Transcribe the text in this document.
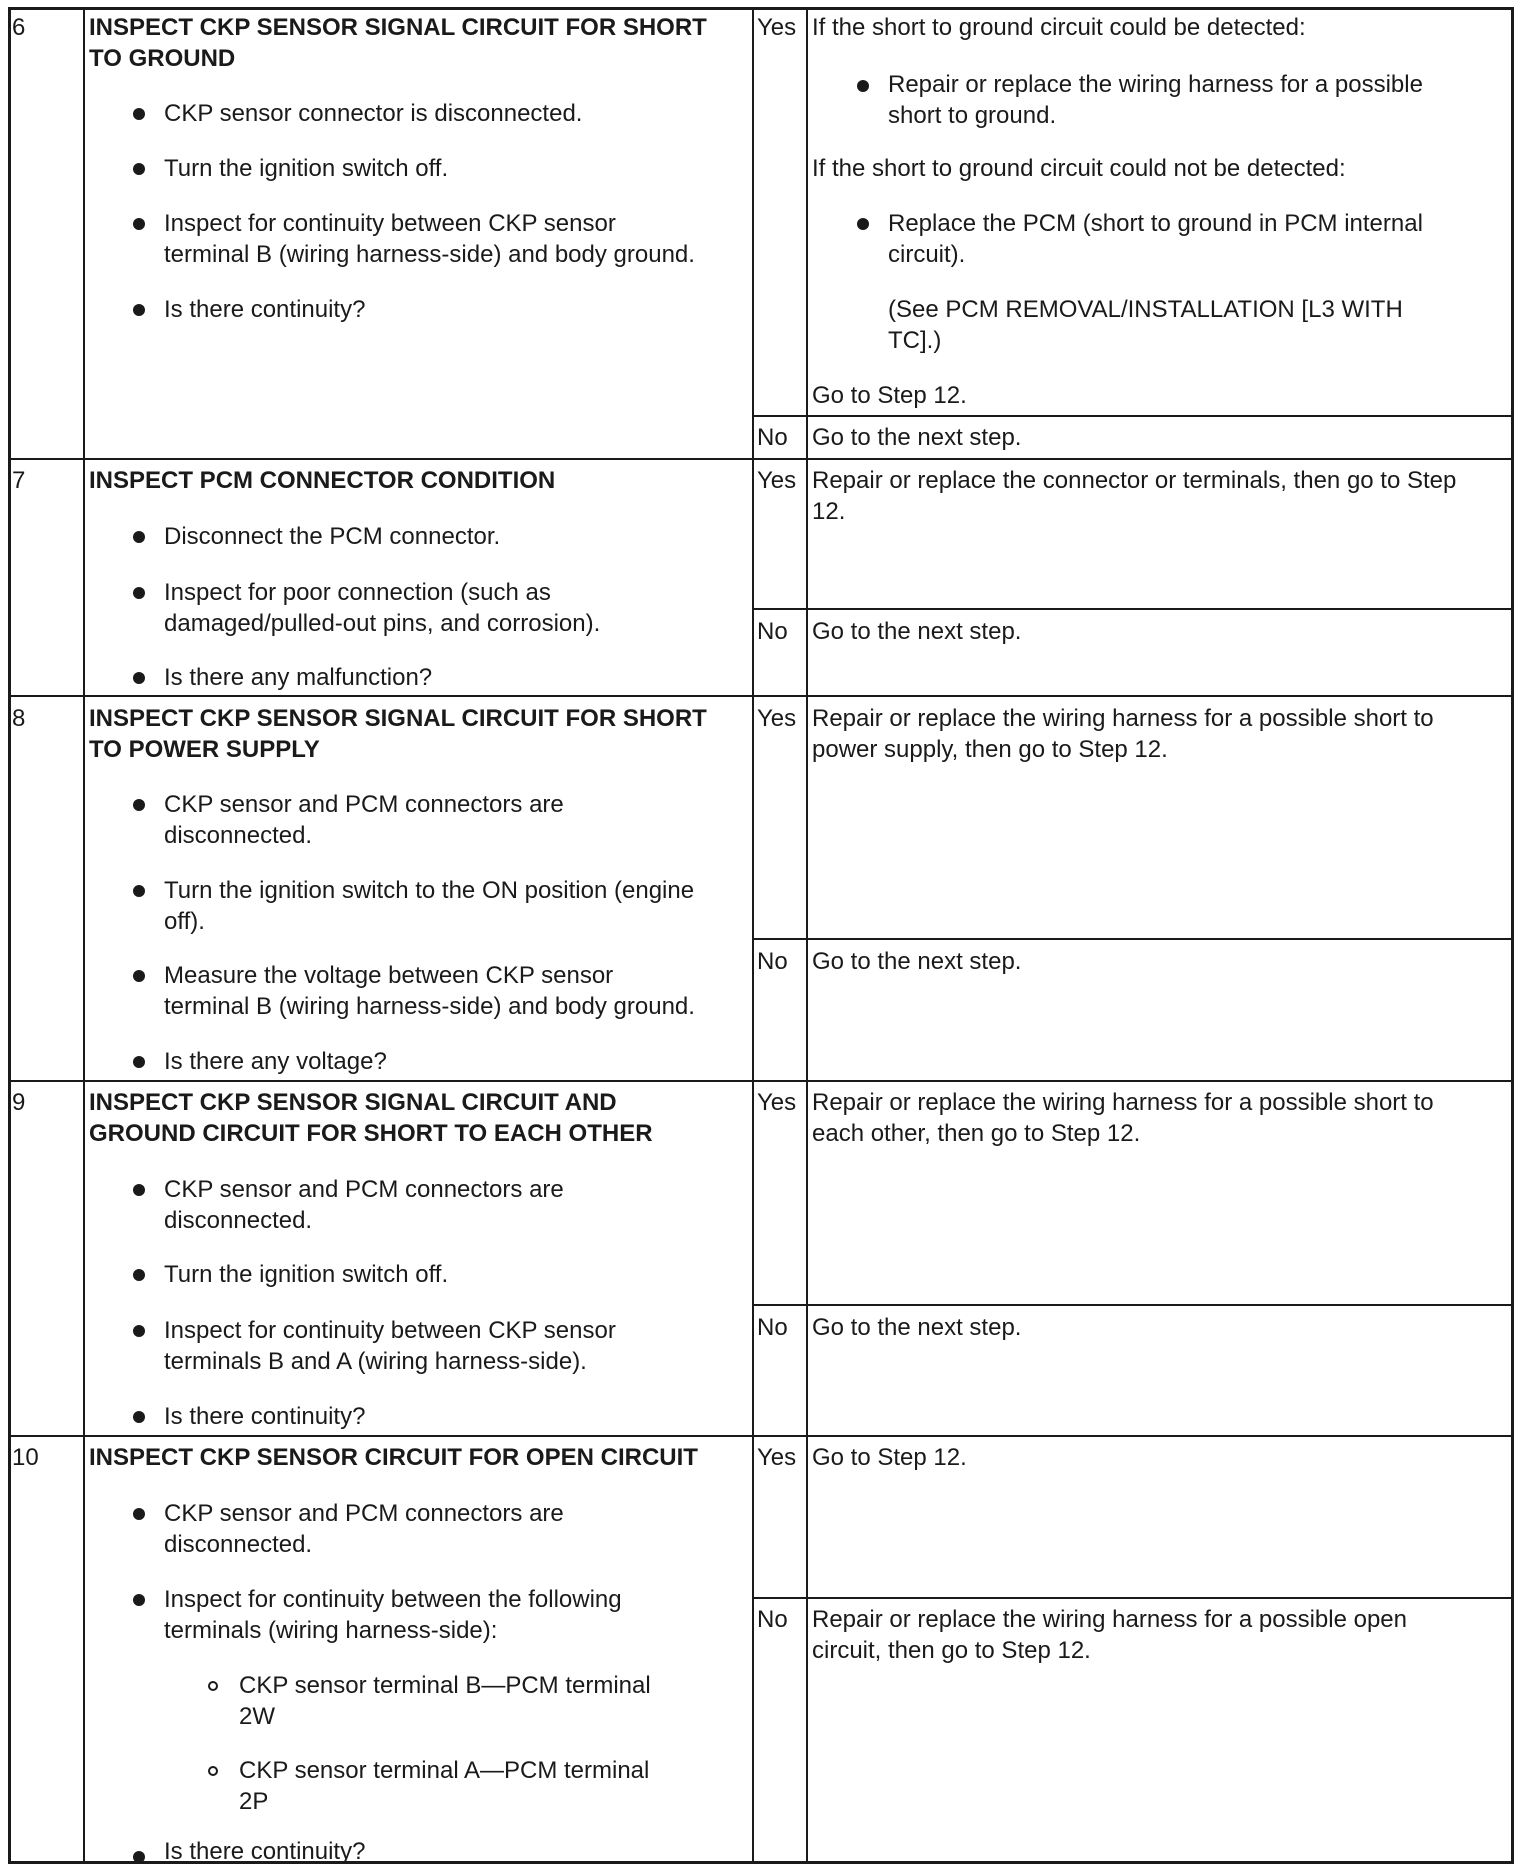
6	INSPECT CKP SENSOR SIGNAL CIRCUIT FOR SHORT
TO GROUND
CKP sensor connector is disconnected.
Turn the ignition switch off.
Inspect for continuity between CKP sensor
terminal B (wiring harness-side) and body ground.
Is there continuity?
Yes If the short to ground circuit could be detected:
Repair or replace the wiring harness for a possible
short to ground.
If the short to ground circuit could not be detected:
Replace the PCM (short to ground in PCM internal
circuit).
(See PCM REMOVAL/INSTALLATION [L3 WITH
TC].)
Go to Step 12.
No Go to the next step.
7	INSPECT PCM CONNECTOR CONDITION
Disconnect the PCM connector.
Inspect for poor connection (such as
damaged/pulled-out pins, and corrosion).
Is there any malfunction?
Yes Repair or replace the connector or terminals, then go to Step
12.
No Go to the next step.
8	INSPECT CKP SENSOR SIGNAL CIRCUIT FOR SHORT
TO POWER SUPPLY
CKP sensor and PCM connectors are
disconnected.
Turn the ignition switch to the ON position (engine
off).
Measure the voltage between CKP sensor
terminal B (wiring harness-side) and body ground.
Is there any voltage?
Yes Repair or replace the wiring harness for a possible short to
power supply, then go to Step 12.
No Go to the next step.
9	INSPECT CKP SENSOR SIGNAL CIRCUIT AND
GROUND CIRCUIT FOR SHORT TO EACH OTHER
CKP sensor and PCM connectors are
disconnected.
Turn the ignition switch off.
Inspect for continuity between CKP sensor
terminals B and A (wiring harness-side).
Is there continuity?
Yes Repair or replace the wiring harness for a possible short to
each other, then go to Step 12.
No Go to the next step.
10 INSPECT CKP SENSOR CIRCUIT FOR OPEN CIRCUIT
CKP sensor and PCM connectors are
disconnected.
Inspect for continuity between the following
terminals (wiring harness-side):
CKP sensor terminal B—PCM terminal
2W
CKP sensor terminal A—PCM terminal
2P
Is there continuity?
Yes Go to Step 12.
No Repair or replace the wiring harness for a possible open
circuit, then go to Step 12.
